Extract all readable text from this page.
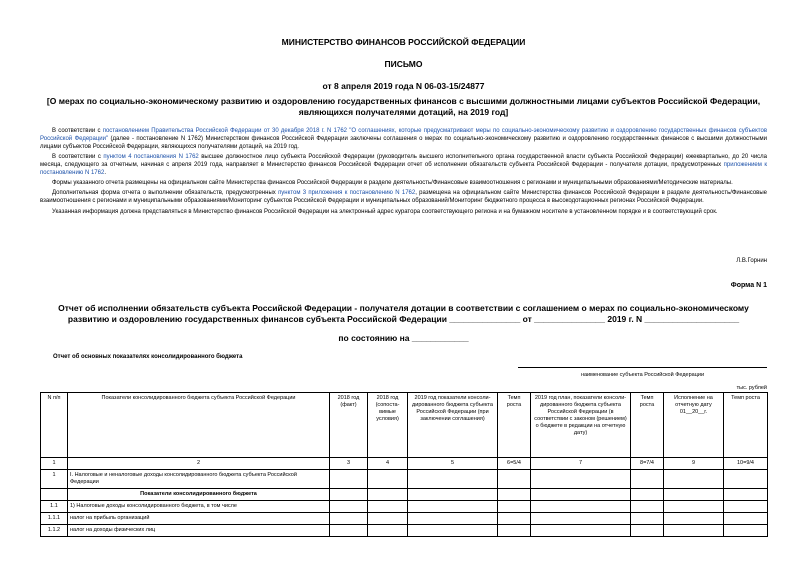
МИНИСТЕРСТВО ФИНАНСОВ РОССИЙСКОЙ ФЕДЕРАЦИИ
ПИСЬМО
от 8 апреля 2019 года N 06-03-15/24877
[О мерах по социально-экономическому развитию и оздоровлению государственных финансов с высшими должностными лицами субъектов Российской Федерации, являющихся получателями дотаций, на 2019 год]

В соответствии с постановлением Правительства Российской Федерации от 30 декабря 2018 г. N 1762 "О соглашениях, которые предусматривают меры по социально-экономическому развитию и оздоровлению государственных финансов субъектов Российской Федерации" (далее - постановление N 1762) Министерством финансов Российской Федерации заключены соглашения о мерах по социально-экономическому развитию и оздоровлению государственных финансов с высшими должностными лицами субъектов Российской Федерации, являющихся получателями дотаций, на 2019 год.

В соответствии с пунктом 4 постановления N 1762 высшее должностное лицо субъекта Российской Федерации (руководитель высшего исполнительного органа государственной власти субъекта Российской Федерации) ежеквартально, до 20 числа месяца, следующего за отчетным, начиная с апреля 2019 года, направляет в Министерство финансов Российской Федерации отчет об исполнении обязательств субъекта Российской Федерации - получателя дотации, предусмотренных приложением к постановлению N 1762.

Формы указанного отчета размещены на официальном сайте Министерства финансов Российской Федерации в разделе деятельность/Финансовые взаимоотношения с регионами и муниципальными образованиями/Методические материалы.

Дополнительная форма отчета о выполнении обязательств, предусмотренных пунктом 3 приложения к постановлению N 1762, размещена на официальном сайте Министерства финансов Российской Федерации в разделе деятельность/Финансовые взаимоотношения с регионами и муниципальными образованиями/Мониторинг субъектов Российской Федерации и муниципальных образований/Мониторинг бюджетного процесса в высокодотационных регионах Российской Федерации.

Указанная информация должна представляться в Министерство финансов Российской Федерации на электронный адрес куратора соответствующего региона и на бумажном носителе в установленном порядке и в соответствующий срок.

Л.В.Горнин
Форма N 1
Отчет об исполнении обязательств субъекта Российской Федерации - получателя дотации в соответствии с соглашением о мерах по социально-экономическому развитию и оздоровлению государственных финансов субъекта Российской Федерации _______________ от _______________ 2019 г. N ____________________
по состоянию на ____________
Отчет об основных показателях консолидированного бюджета
наименование субъекта Российской Федерации
тыс. рублей
N п/п	Показатели консолидированного бюджета субъекта Российской Федерации	2018 год (факт)	2018 год (сопоста-вимые условия)	2019 год показатели консоли-дированного бюджета субъекта Российской Федерации (при заключении соглашения)	Темп роста	2019 год план, показатели консоли-дированного бюджета субъекта Российской Федерации (в соответствии с законом (решением) о бюджете в редакции на отчетную дату)	Темп роста	Исполнение на отчетную дату 01__20__г.	Темп роста
1	2	3	4	5	6=5/4	7	8=7/4	9	10=9/4
1	I. Налоговые и неналоговые доходы консолидированного бюджета субъекта Российской Федерации								
	Показатели консолидированного бюджета								
1.1	1) Налоговые доходы консолидированного бюджета, в том числе								
1.1.1	налог на прибыль организаций								
1.1.2	налог на доходы физических лиц								
